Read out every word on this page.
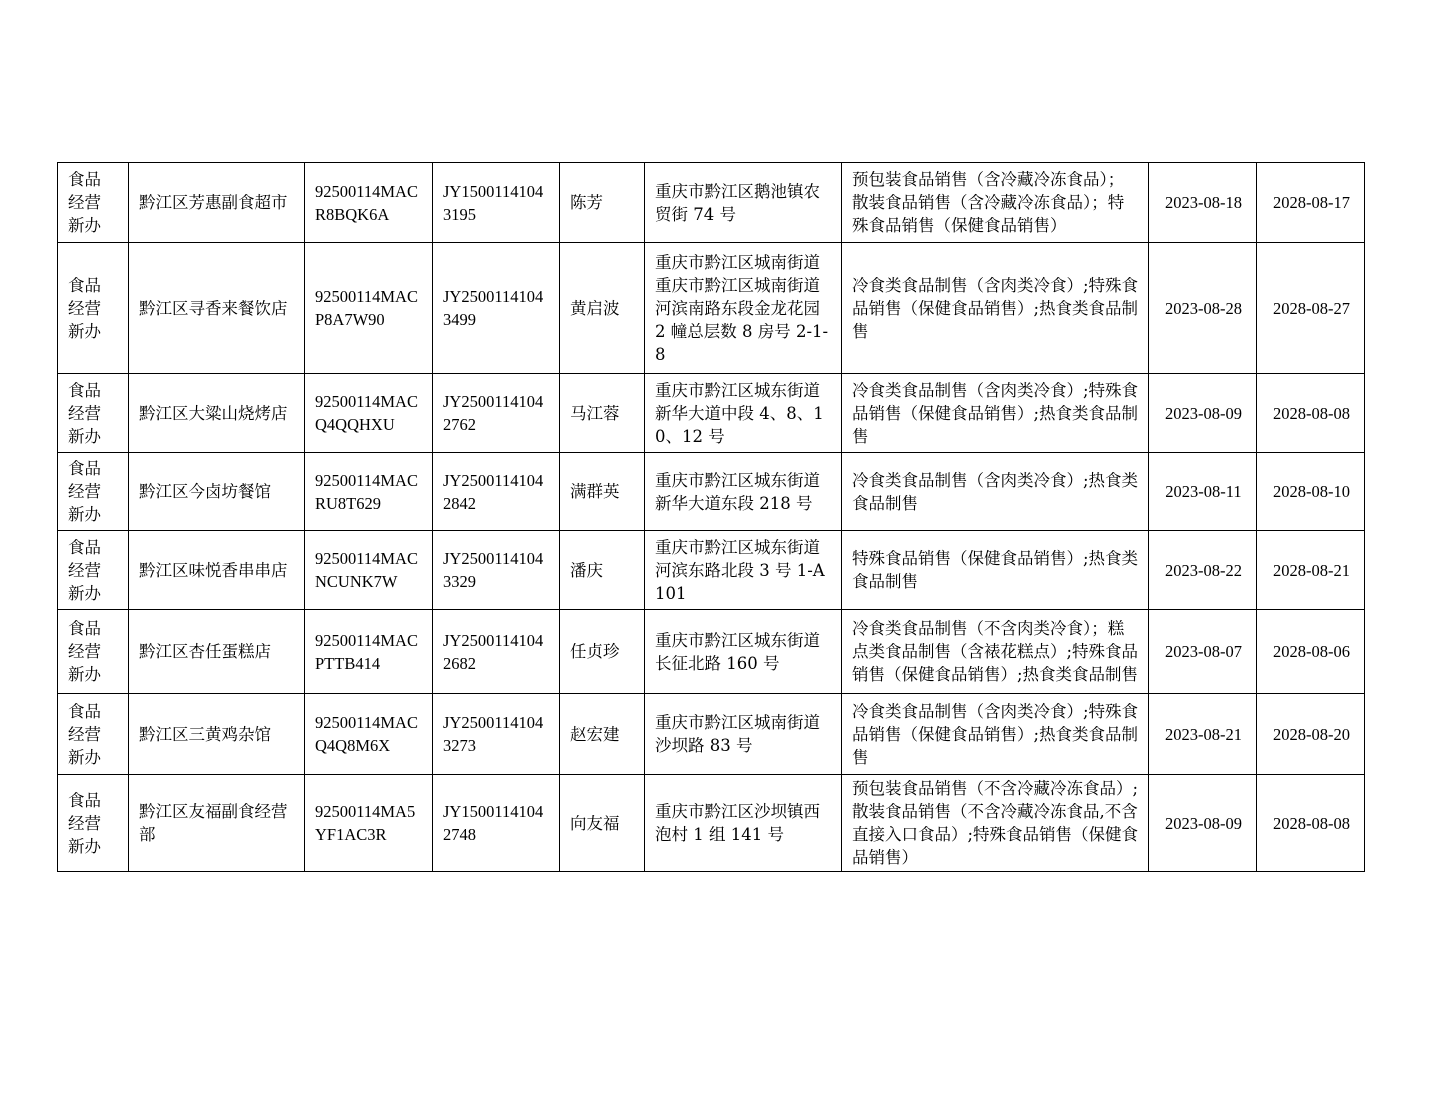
食品
经营
新办	黔江区芳惠副食超市	92500114MACR8BQK6A	JY15001141043195	陈芳	重庆市黔江区鹅池镇农贸街 74 号	预包装食品销售（含冷藏冷冻食品）；散装食品销售（含冷藏冷冻食品）；特殊食品销售（保健食品销售）	2023-08-18	2028-08-17

食品
经营
新办	黔江区寻香来餐饮店	92500114MACP8A7W90	JY25001141043499	黄启波	重庆市黔江区城南街道重庆市黔江区城南街道河滨南路东段金龙花园 2 幢总层数 8 房号 2-1-8	冷食类食品制售（含肉类冷食）;特殊食品销售（保健食品销售）;热食类食品制售	2023-08-28	2028-08-27

食品
经营
新办	黔江区大粱山烧烤店	92500114MACQ4QQHXU	JY25001141042762	马江蓉	重庆市黔江区城东街道新华大道中段 4、8、10、12 号	冷食类食品制售（含肉类冷食）;特殊食品销售（保健食品销售）;热食类食品制售	2023-08-09	2028-08-08

食品
经营
新办	黔江区今卤坊餐馆	92500114MACRU8T629	JY25001141042842	满群英	重庆市黔江区城东街道新华大道东段 218 号	冷食类食品制售（含肉类冷食）;热食类食品制售	2023-08-11	2028-08-10

食品
经营
新办	黔江区味悦香串串店	92500114MACNCUNK7W	JY25001141043329	潘庆	重庆市黔江区城东街道河滨东路北段 3 号 1-A101	特殊食品销售（保健食品销售）;热食类食品制售	2023-08-22	2028-08-21

食品
经营
新办	黔江区杏任蛋糕店	92500114MACPTTB414	JY25001141042682	任贞珍	重庆市黔江区城东街道长征北路 160 号	冷食类食品制售（不含肉类冷食）；糕点类食品制售（含裱花糕点）;特殊食品销售（保健食品销售）;热食类食品制售	2023-08-07	2028-08-06

食品
经营
新办	黔江区三黄鸡杂馆	92500114MACQ4Q8M6X	JY25001141043273	赵宏建	重庆市黔江区城南街道沙坝路 83 号	冷食类食品制售（含肉类冷食）;特殊食品销售（保健食品销售）;热食类食品制售	2023-08-21	2028-08-20

食品
经营
新办	黔江区友福副食经营部	92500114MA5YF1AC3R	JY15001141042748	向友福	重庆市黔江区沙坝镇西泡村 1 组 141 号	预包装食品销售（不含冷藏冷冻食品）;散装食品销售（不含冷藏冷冻食品,不含直接入口食品）;特殊食品销售（保健食品销售）	2023-08-09	2028-08-08
